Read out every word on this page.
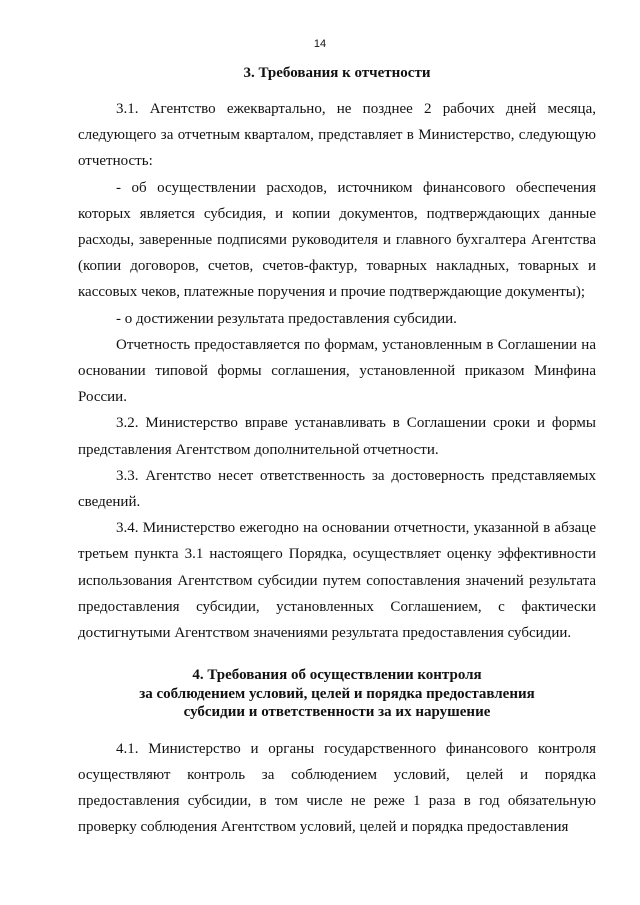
14
3. Требования к отчетности

3.1. Агентство ежеквартально, не позднее 2 рабочих дней месяца, следующего за отчетным кварталом, представляет в Министерство, следующую отчетность:

- об осуществлении расходов, источником финансового обеспечения которых является субсидия, и копии документов, подтверждающих данные расходы, заверенные подписями руководителя и главного бухгалтера Агентства (копии договоров, счетов, счетов-фактур, товарных накладных, товарных и кассовых чеков, платежные поручения и прочие подтверждающие документы);

- о достижении результата предоставления субсидии.

Отчетность предоставляется по формам, установленным в Соглашении на основании типовой формы соглашения, установленной приказом Минфина России.

3.2. Министерство вправе устанавливать в Соглашении сроки и формы представления Агентством дополнительной отчетности.

3.3. Агентство несет ответственность за достоверность представляемых сведений.

3.4. Министерство ежегодно на основании отчетности, указанной в абзаце третьем пункта 3.1 настоящего Порядка, осуществляет оценку эффективности использования Агентством субсидии путем сопоставления значений результата предоставления субсидии, установленных Соглашением, с фактически достигнутыми Агентством значениями результата предоставления субсидии.

4. Требования об осуществлении контроля
за соблюдением условий, целей и порядка предоставления
субсидии и ответственности за их нарушение

4.1. Министерство и органы государственного финансового контроля осуществляют контроль за соблюдением условий, целей и порядка предоставления субсидии, в том числе не реже 1 раза в год обязательную проверку соблюдения Агентством условий, целей и порядка предоставления
